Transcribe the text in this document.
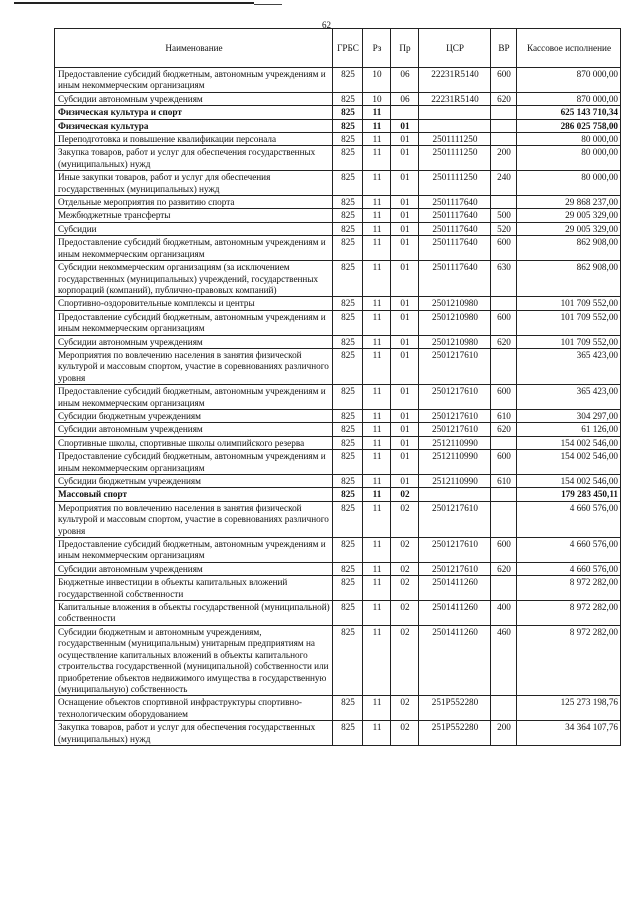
62
Наименование	ГРБС	Рз	Пр	ЦСР	ВР	Кассовое исполнение
Предоставление субсидий бюджетным, автономным учреждениям и иным некоммерческим организациям	825	10	06	22231R5140	600	870 000,00
Субсидии автономным учреждениям	825	10	06	22231R5140	620	870 000,00
Физическая культура и спорт	825	11				625 143 710,34
Физическая культура	825	11	01			286 025 758,00
Переподготовка и повышение квалификации персонала	825	11	01	2501111250		80 000,00
Закупка товаров, работ и услуг для обеспечения государственных (муниципальных) нужд	825	11	01	2501111250	200	80 000,00
Иные закупки товаров, работ и услуг для обеспечения государственных (муниципальных) нужд	825	11	01	2501111250	240	80 000,00
Отдельные мероприятия по развитию спорта	825	11	01	2501117640		29 868 237,00
Межбюджетные трансферты	825	11	01	2501117640	500	29 005 329,00
Субсидии	825	11	01	2501117640	520	29 005 329,00
Предоставление субсидий бюджетным, автономным учреждениям и иным некоммерческим организациям	825	11	01	2501117640	600	862 908,00
Субсидии некоммерческим организациям (за исключением государственных (муниципальных) учреждений, государственных корпораций (компаний), публично-правовых компаний)	825	11	01	2501117640	630	862 908,00
Спортивно-оздоровительные комплексы и центры	825	11	01	2501210980		101 709 552,00
Предоставление субсидий бюджетным, автономным учреждениям и иным некоммерческим организациям	825	11	01	2501210980	600	101 709 552,00
Субсидии автономным учреждениям	825	11	01	2501210980	620	101 709 552,00
Мероприятия по вовлечению населения в занятия физической культурой и массовым спортом, участие в соревнованиях различного уровня	825	11	01	2501217610		365 423,00
Предоставление субсидий бюджетным, автономным учреждениям и иным некоммерческим организациям	825	11	01	2501217610	600	365 423,00
Субсидии бюджетным учреждениям	825	11	01	2501217610	610	304 297,00
Субсидии автономным учреждениям	825	11	01	2501217610	620	61 126,00
Спортивные школы, спортивные школы олимпийского резерва	825	11	01	2512110990		154 002 546,00
Предоставление субсидий бюджетным, автономным учреждениям и иным некоммерческим организациям	825	11	01	2512110990	600	154 002 546,00
Субсидии бюджетным учреждениям	825	11	01	2512110990	610	154 002 546,00
Массовый спорт	825	11	02			179 283 450,11
Мероприятия по вовлечению населения в занятия физической культурой и массовым спортом, участие в соревнованиях различного уровня	825	11	02	2501217610		4 660 576,00
Предоставление субсидий бюджетным, автономным учреждениям и иным некоммерческим организациям	825	11	02	2501217610	600	4 660 576,00
Субсидии автономным учреждениям	825	11	02	2501217610	620	4 660 576,00
Бюджетные инвестиции в объекты капитальных вложений государственной собственности	825	11	02	2501411260		8 972 282,00
Капитальные вложения в объекты государственной (муниципальной) собственности	825	11	02	2501411260	400	8 972 282,00
Субсидии бюджетным и автономным учреждениям, государственным (муниципальным) унитарным предприятиям на осуществление капитальных вложений в объекты капитального строительства государственной (муниципальной) собственности или приобретение объектов недвижимого имущества в государственную (муниципальную) собственность	825	11	02	2501411260	460	8 972 282,00
Оснащение объектов спортивной инфраструктуры спортивно-технологическим оборудованием	825	11	02	251P552280		125 273 198,76
Закупка товаров, работ и услуг для обеспечения государственных (муниципальных) нужд	825	11	02	251P552280	200	34 364 107,76
